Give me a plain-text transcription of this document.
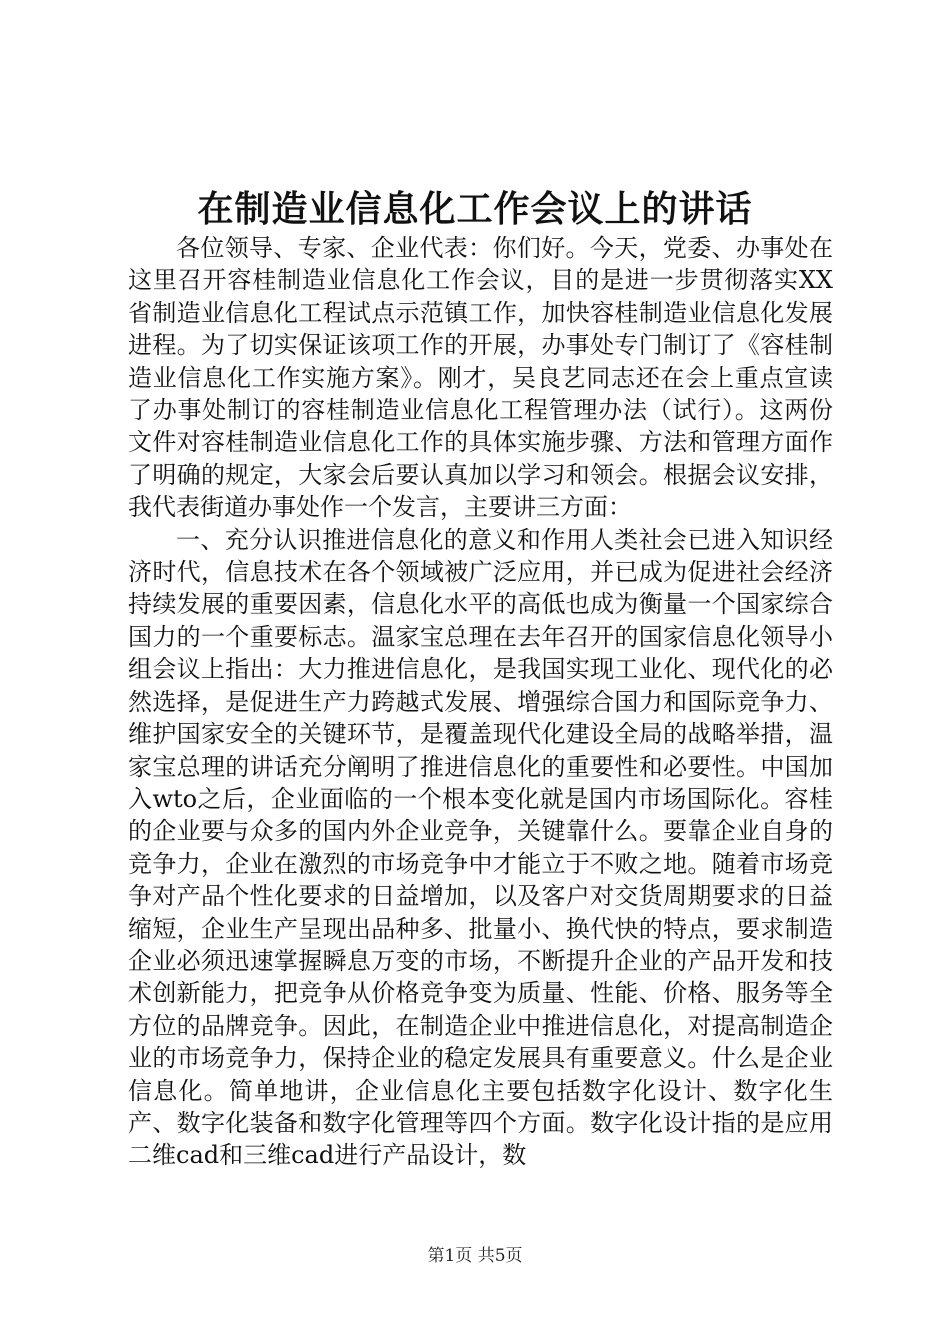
在制造业信息化工作会议上的讲话

各位领导、专家、企业代表：你们好。今天，党委、办事处在这里召开容桂制造业信息化工作会议，目的是进一步贯彻落实XX省制造业信息化工程试点示范镇工作，加快容桂制造业信息化发展进程。为了切实保证该项工作的开展，办事处专门制订了《容桂制造业信息化工作实施方案》。刚才，吴良艺同志还在会上重点宣读了办事处制订的容桂制造业信息化工程管理办法（试行）。这两份文件对容桂制造业信息化工作的具体实施步骤、方法和管理方面作了明确的规定，大家会后要认真加以学习和领会。根据会议安排，我代表街道办事处作一个发言，主要讲三方面：

一、充分认识推进信息化的意义和作用人类社会已进入知识经济时代，信息技术在各个领域被广泛应用，并已成为促进社会经济持续发展的重要因素，信息化水平的高低也成为衡量一个国家综合国力的一个重要标志。温家宝总理在去年召开的国家信息化领导小组会议上指出：大力推进信息化，是我国实现工业化、现代化的必然选择，是促进生产力跨越式发展、增强综合国力和国际竞争力、维护国家安全的关键环节，是覆盖现代化建设全局的战略举措，温家宝总理的讲话充分阐明了推进信息化的重要性和必要性。中国加入wto之后，企业面临的一个根本变化就是国内市场国际化。容桂的企业要与众多的国内外企业竞争，关键靠什么。要靠企业自身的竞争力，企业在激烈的市场竞争中才能立于不败之地。随着市场竞争对产品个性化要求的日益增加，以及客户对交货周期要求的日益缩短，企业生产呈现出品种多、批量小、换代快的特点，要求制造企业必须迅速掌握瞬息万变的市场，不断提升企业的产品开发和技术创新能力，把竞争从价格竞争变为质量、性能、价格、服务等全方位的品牌竞争。因此，在制造企业中推进信息化，对提高制造企业的市场竞争力，保持企业的稳定发展具有重要意义。什么是企业信息化。简单地讲，企业信息化主要包括数字化设计、数字化生产、数字化装备和数字化管理等四个方面。数字化设计指的是应用二维cad和三维cad进行产品设计，数

第1页 共5页
